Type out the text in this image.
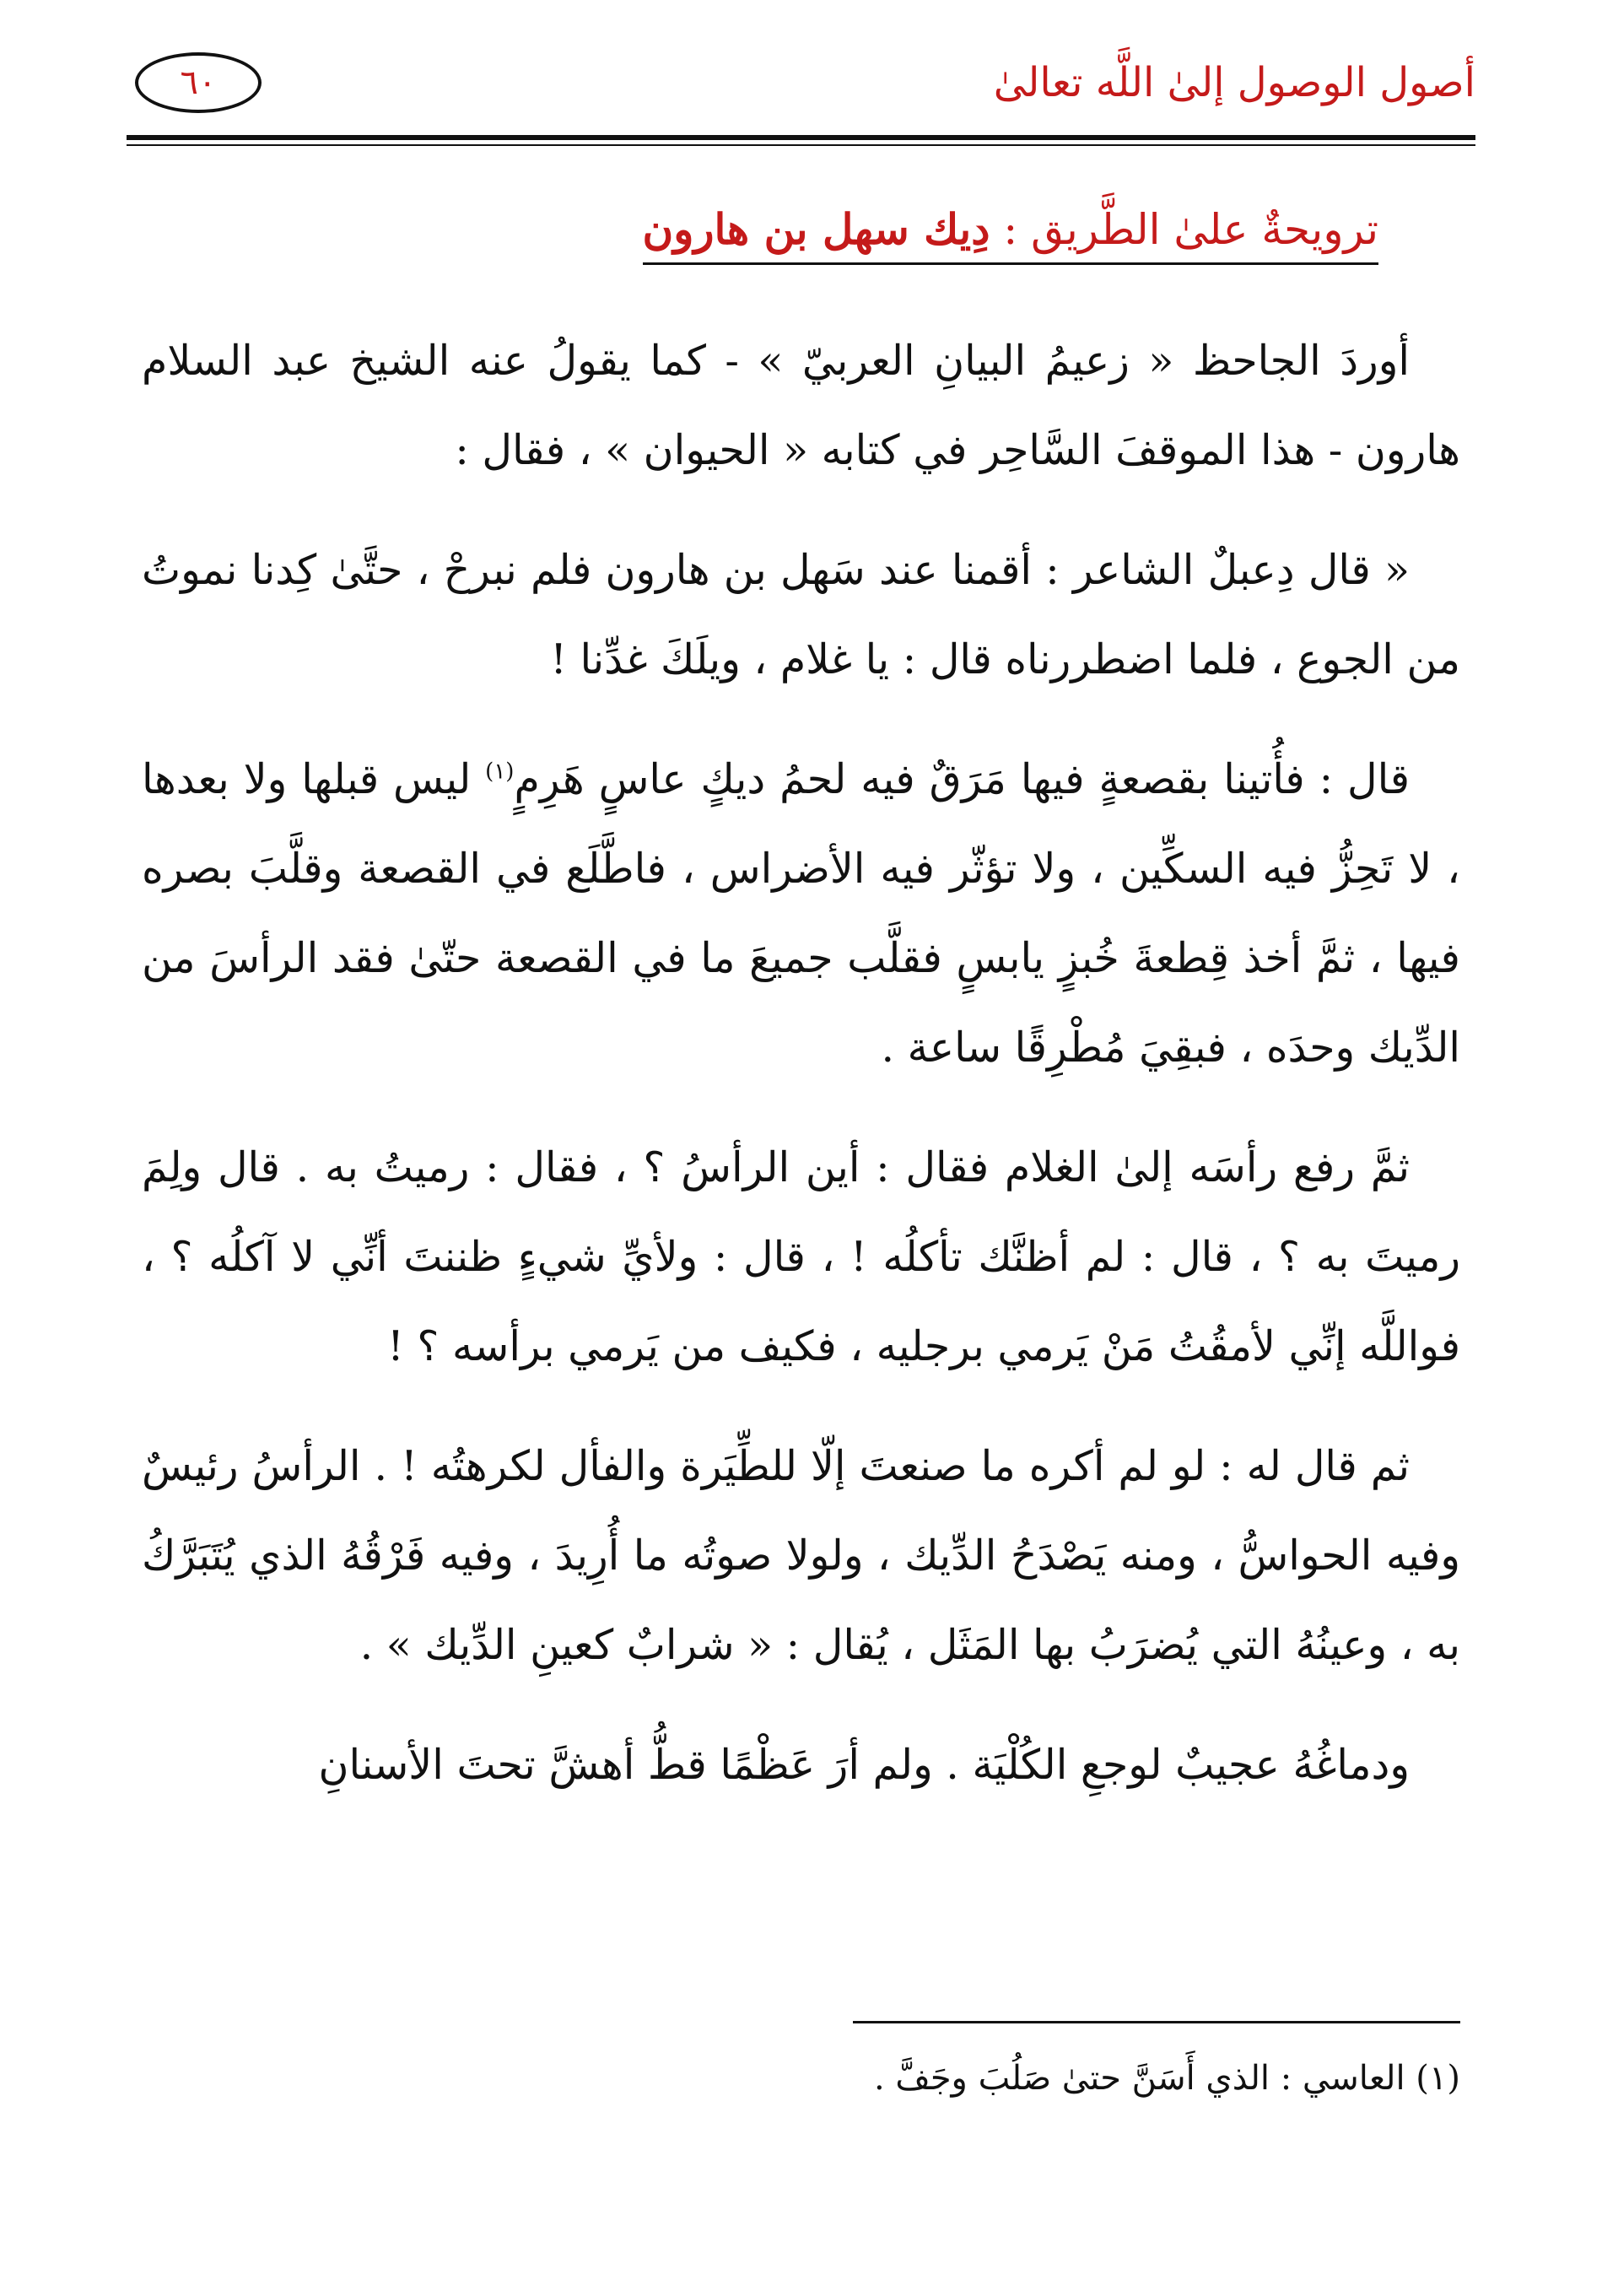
أصول الوصول إلىٰ اللَّه تعالىٰ
٦٠
ترويحةٌ علىٰ الطَّريق : دِيك سهل بن هارون

أوردَ الجاحظ « زعيمُ البيانِ العربيّ » - كما يقولُ عنه الشيخ عبد السلام هارون - هذا الموقفَ السَّاحِر في كتابه « الحيوان » ، فقال :

« قال دِعبلٌ الشاعر : أقمنا عند سَهل بن هارون فلم نبرحْ ، حتَّىٰ كِدنا نموتُ من الجوع ، فلما اضطررناه قال : يا غلام ، ويلَكَ غدِّنا !

قال : فأُتينا بقصعةٍ فيها مَرَقٌ فيه لحمُ ديكٍ عاسٍ هَرِمٍ$^{(١)}$ ليس قبلها ولا بعدها ، لا تَحِزُّ فيه السكِّين ، ولا تؤثّر فيه الأضراس ، فاطَّلَع في القصعة وقلَّبَ بصره فيها ، ثمَّ أخذ قِطعةَ خُبزٍ يابسٍ فقلَّب جميعَ ما في القصعة حتّىٰ فقد الرأسَ من الدِّيك وحدَه ، فبقِيَ مُطْرِقًا ساعة .

ثمَّ رفع رأسَه إلىٰ الغلام فقال : أين الرأسُ ؟ ، فقال : رميتُ به . قال ولِمَ رميتَ به ؟ ، قال : لم أظنَّك تأكلُه ! ، قال : ولأيِّ شيءٍ ظننتَ أنِّي لا آكلُه ؟ ، فواللَّه إنِّي لأمقُتُ مَنْ يَرمي برجليه ، فكيف من يَرمي برأسه ؟ !

ثم قال له : لو لم أكره ما صنعتَ إلّا للطِّيَرة والفأل لكرهتُه ! . الرأسُ رئيسٌ وفيه الحواسُّ ، ومنه يَصْدَحُ الدِّيك ، ولولا صوتُه ما أُرِيدَ ، وفيه فَرْقُهُ الذي يُتَبَرَّكُ به ، وعينُهُ التي يُضرَبُ بها المَثَل ، يُقال : « شرابٌ كعينِ الدِّيك » .

ودماغُهُ عجيبٌ لوجعِ الكُلْيَة . ولم أرَ عَظْمًا قطُّ أهشَّ تحتَ الأسنانِ

(١) العاسي : الذي أَسَنَّ حتىٰ صَلُبَ وجَفَّ .
